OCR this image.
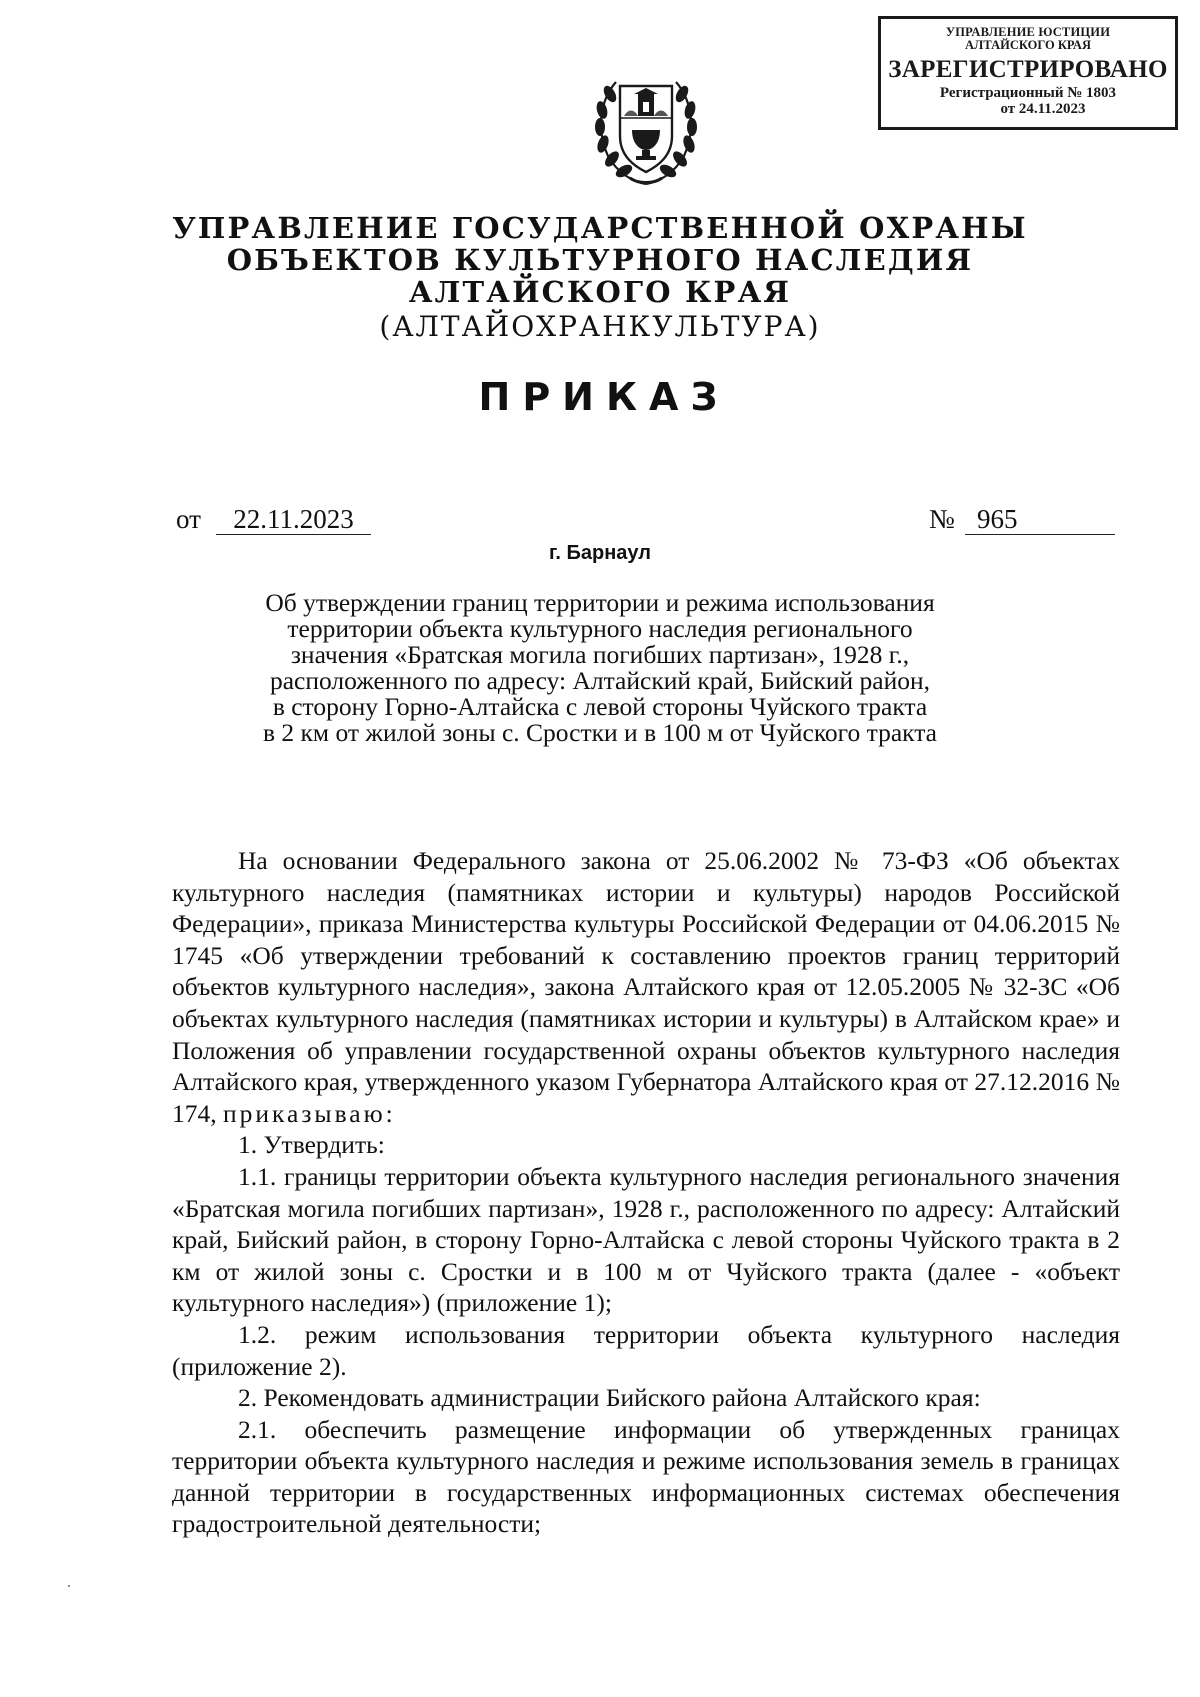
УПРАВЛЕНИЕ ЮСТИЦИИ
АЛТАЙСКОГО КРАЯ
ЗАРЕГИСТРИРОВАНО
Регистрационный № 1803
от 24.11.2023
УПРАВЛЕНИЕ ГОСУДАРСТВЕННОЙ ОХРАНЫ
ОБЪЕКТОВ КУЛЬТУРНОГО НАСЛЕДИЯ
АЛТАЙСКОГО КРАЯ
(АЛТАЙОХРАНКУЛЬТУРА)
ПРИКАЗ
от	22.11.2023	№ 965
г. Барнаул
Об утверждении границ территории и режима использования
территории объекта культурного наследия регионального
значения «Братская могила погибших партизан», 1928 г.,
расположенного по адресу: Алтайский край, Бийский район,
в сторону Горно-Алтайска с левой стороны Чуйского тракта
в 2 км от жилой зоны с. Сростки и в 100 м от Чуйского тракта

На основании Федерального закона от 25.06.2002 № 73-ФЗ «Об объектах культурного наследия (памятниках истории и культуры) народов Российской Федерации», приказа Министерства культуры Российской Федерации от 04.06.2015 № 1745 «Об утверждении требований к составлению проектов границ территорий объектов культурного наследия», закона Алтайского края от 12.05.2005 № 32-ЗС «Об объектах культурного наследия (памятниках истории и культуры) в Алтайском крае» и Положения об управлении государственной охраны объектов культурного наследия Алтайского края, утвержденного указом Губернатора Алтайского края от 27.12.2016 № 174, приказываю:

1. Утвердить:

1.1. границы территории объекта культурного наследия регионального значения «Братская могила погибших партизан», 1928 г., расположенного по адресу: Алтайский край, Бийский район, в сторону Горно-Алтайска с левой стороны Чуйского тракта в 2 км от жилой зоны с. Сростки и в 100 м от Чуйского тракта (далее - «объект культурного наследия») (приложение 1);

1.2. режим использования территории объекта культурного наследия (приложение 2).

2. Рекомендовать администрации Бийского района Алтайского края:

2.1. обеспечить размещение информации об утвержденных границах территории объекта культурного наследия и режиме использования земель в границах данной территории в государственных информационных системах обеспечения градостроительной деятельности;
